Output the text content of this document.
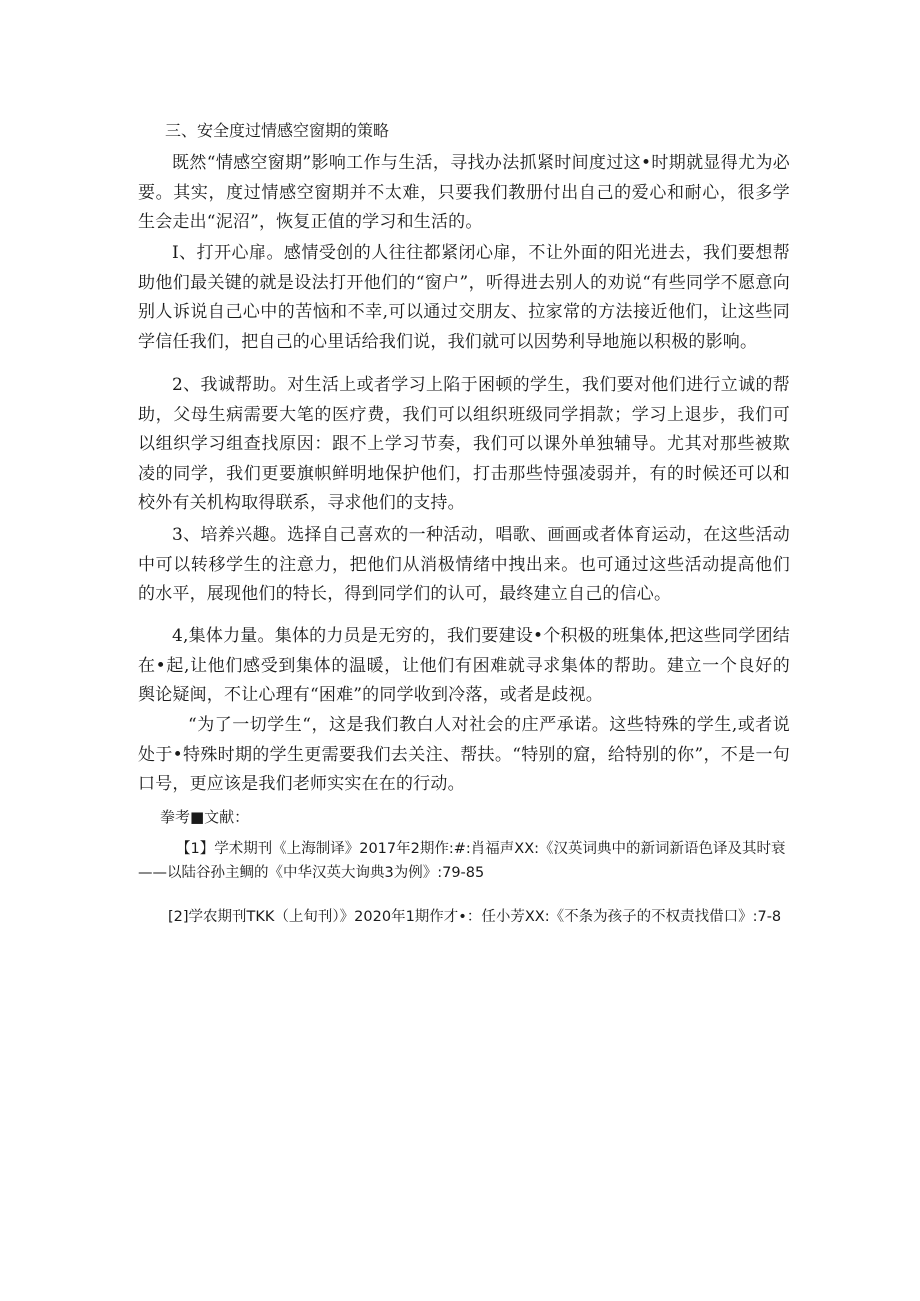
三、安全度过情感空窗期的策略

既然“情感空窗期”影响工作与生活，寻找办法抓紧时间度过这•时期就显得尤为必要。其实，度过情感空窗期并不太难，只要我们教册付出自己的爱心和耐心，很多学生会走出“泥沼”，恢复正值的学习和生活的。

I、打开心扉。感情受创的人往往都紧闭心扉，不让外面的阳光进去，我们要想帮助他们最关键的就是设法打开他们的“窗户”，听得进去别人的劝说“有些同学不愿意向别人诉说自己心中的苦恼和不幸,可以通过交朋友、拉家常的方法接近他们，让这些同学信任我们，把自己的心里话给我们说，我们就可以因势利导地施以积极的影响。

2、我诚帮助。对生活上或者学习上陷于困顿的学生，我们要对他们进行立诚的帮助，父母生病需要大笔的医疗费，我们可以组织班级同学捐款；学习上退步，我们可以组织学习组查找原因：跟不上学习节奏，我们可以课外单独辅导。尤其对那些被欺凌的同学，我们更要旗帜鲜明地保护他们，打击那些恃强凌弱并，有的时候还可以和校外有关机构取得联系，寻求他们的支持。

3、培养兴趣。选择自己喜欢的一种活动，唱歌、画画或者体育运动，在这些活动中可以转移学生的注意力，把他们从消极情绪中拽出来。也可通过这些活动提高他们的水平，展现他们的特长，得到同学们的认可，最终建立自己的信心。

4,集体力量。集体的力员是无穷的，我们要建设•个积极的班集体,把这些同学团结在•起,让他们感受到集体的温暖，让他们有困难就寻求集体的帮助。建立一个良好的舆论疑闽，不让心理有“困难”的同学收到冷落，或者是歧视。

“为了一切学生“，这是我们教白人对社会的庄严承诺。这些特殊的学生,或者说处于•特殊时期的学生更需要我们去关注、帮扶。“特别的窟，给特别的你”，不是一句口号，更应该是我们老师实实在在的行动。

拳考■文献：

【1】学术期刊《上海制译》2017年2期作:#:肖福声XX:《汉英词典中的新词新语色译及其时衰——以陆谷孙主鲷的《中华汉英大询典3为例》:79-85

[2]学农期刊TKK（上旬刊）》2020年1期作才•：任小芳XX:《不条为孩子的不权责找借口》:7-8
